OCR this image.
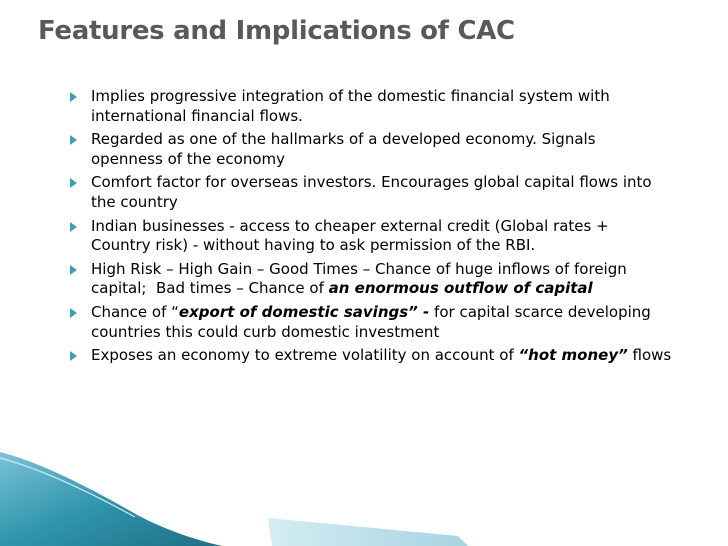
Features and Implications of CAC
Implies progressive integration of the domestic financial system with international financial flows.
Regarded as one of the hallmarks of a developed economy. Signals openness of the economy
Comfort factor for overseas investors. Encourages global capital flows into the country
Indian businesses - access to cheaper external credit (Global rates + Country risk) - without having to ask permission of the RBI.
High Risk – High Gain – Good Times – Chance of huge inflows of foreign capital;  Bad times – Chance of an enormous outflow of capital
Chance of “export of domestic savings” - for capital scarce developing countries this could curb domestic investment
Exposes an economy to extreme volatility on account of “hot money” flows
